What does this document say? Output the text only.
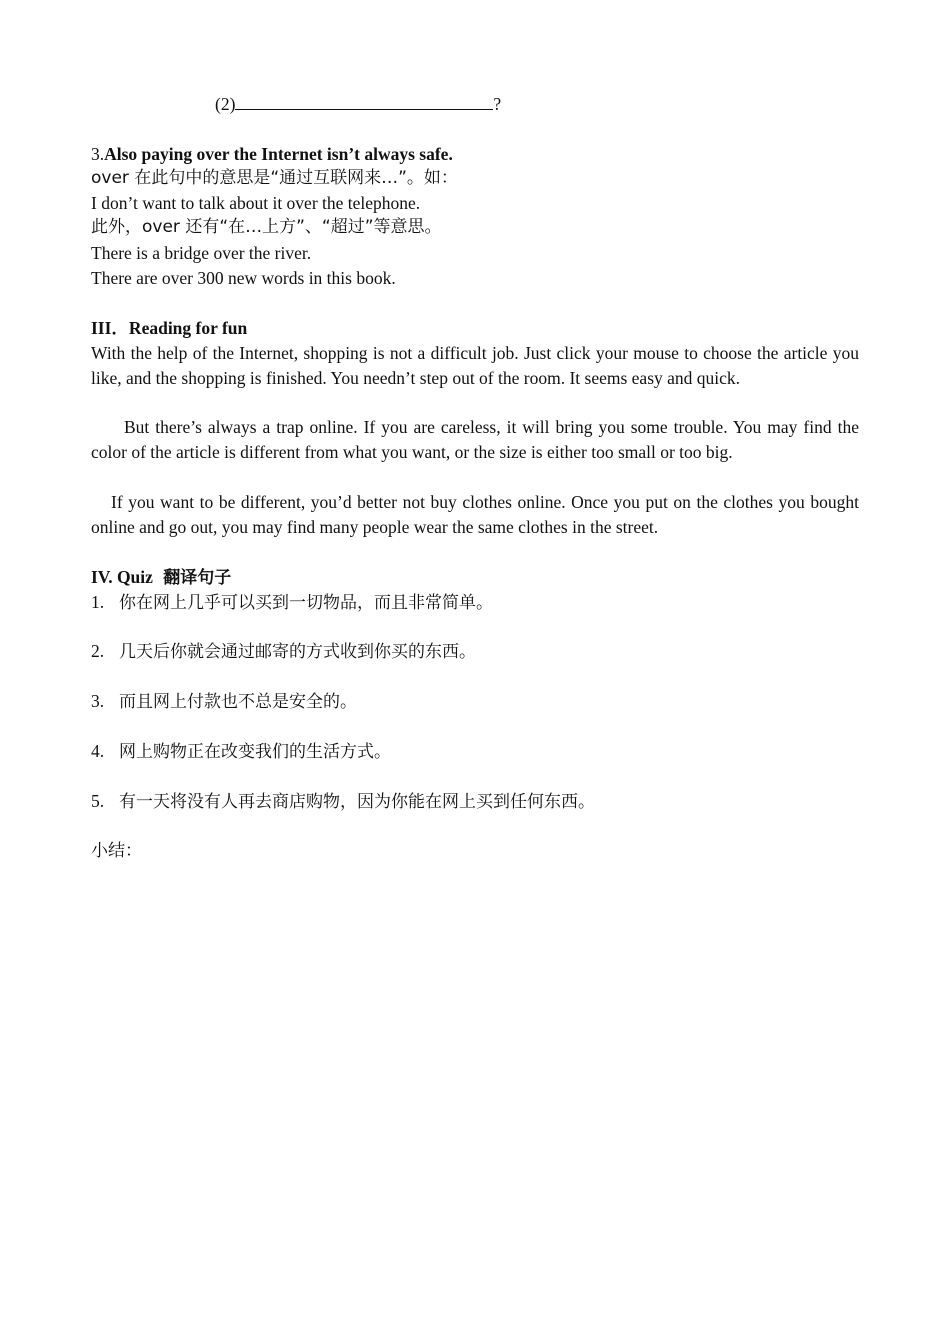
(2)	?
3.Also paying over the Internet isn’t always safe.
over 在此句中的意思是“通过互联网来…”。如：
I don’t want to talk about it over the telephone.
此外，over 还有“在…上方”、“超过”等意思。
There is a bridge over the river.
There are over 300 new words in this book.
III．Reading for fun
With the help of the Internet, shopping is not a difficult job. Just click your mouse to choose the article you like, and the shopping is finished. You needn’t step out of the room. It seems easy and quick.
But there’s always a trap online. If you are careless, it will bring you some trouble. You may find the color of the article is different from what you want, or the size is either too small or too big.
If you want to be different, you’d better not buy clothes online. Once you put on the clothes you bought online and go out, you may find many people wear the same clothes in the street.
IV. Quiz 翻译句子
1. 你在网上几乎可以买到一切物品，而且非常简单。
2. 几天后你就会通过邮寄的方式收到你买的东西。
3. 而且网上付款也不总是安全的。
4. 网上购物正在改变我们的生活方式。
5. 有一天将没有人再去商店购物，因为你能在网上买到任何东西。
小结：
